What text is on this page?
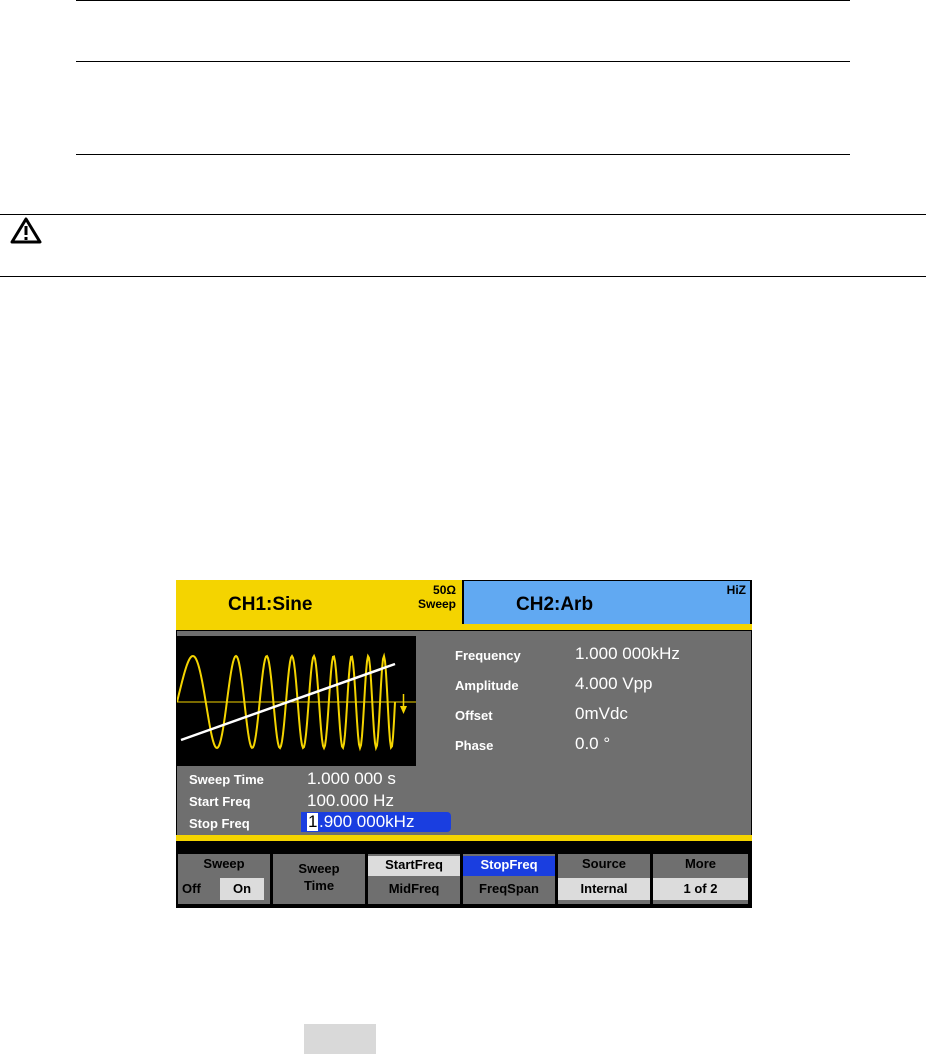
CH1:Sine
50Ω
Sweep	CH2:Arb
HiZ
Frequency	1.000 000kHz
Amplitude	4.000 Vpp
Offset	0mVdc
Phase	0.0 °
Sweep Time	1.000 000 s
Start Freq	100.000 Hz
Stop Freq	1 .900 000kHz
Sweep
Off	On
Sweep Time
StartFreq
MidFreq
StopFreq
FreqSpan
Source
Internal
More
1 of 2
